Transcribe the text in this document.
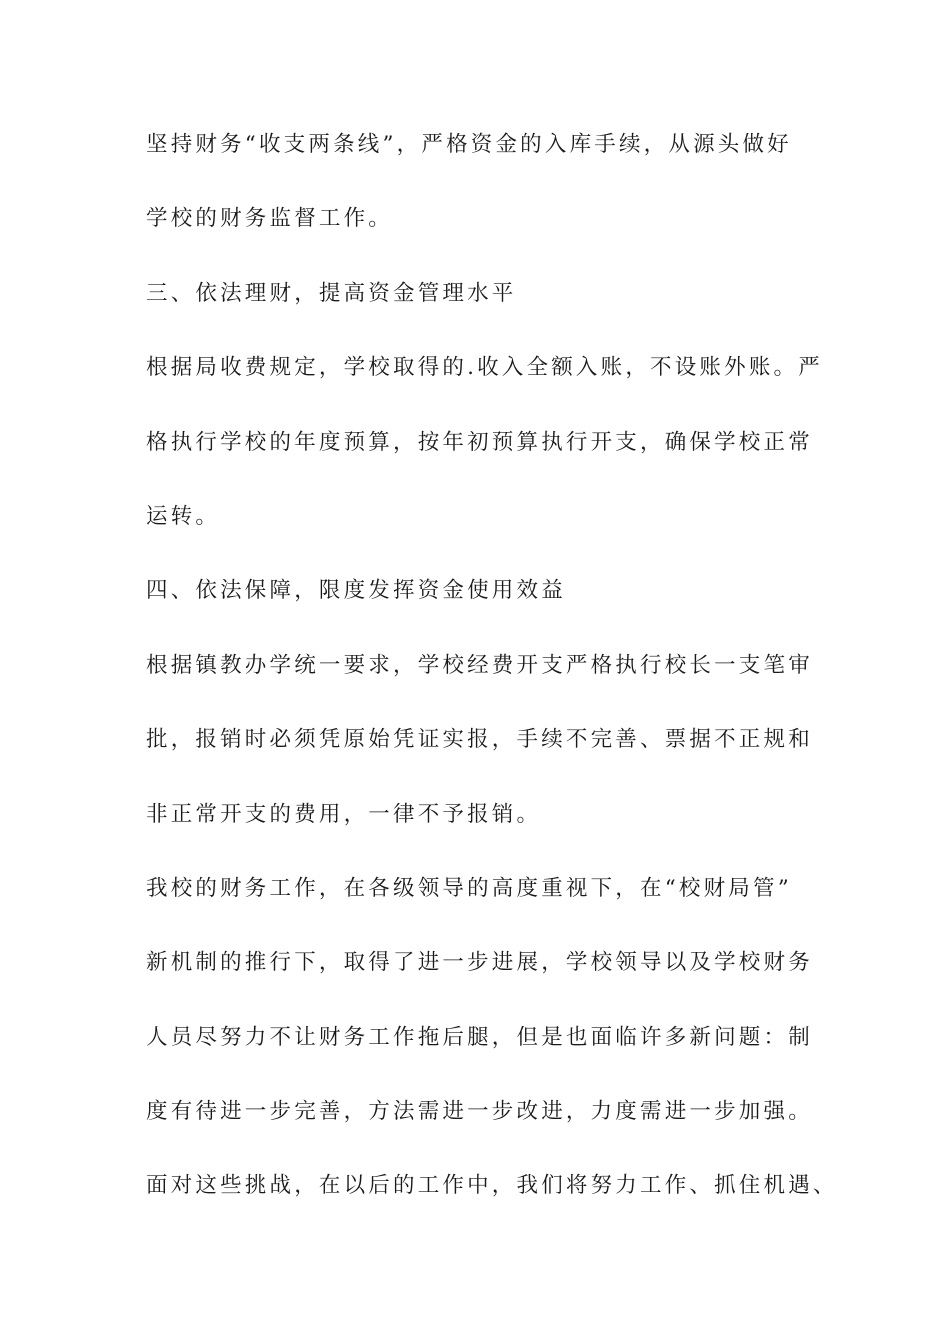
坚持财务“收支两条线”，严格资金的入库手续，从源头做好
学校的财务监督工作。
三、依法理财，提高资金管理水平
根据局收费规定，学校取得的.收入全额入账，不设账外账。严
格执行学校的年度预算，按年初预算执行开支，确保学校正常
运转。
四、依法保障，限度发挥资金使用效益
根据镇教办学统一要求，学校经费开支严格执行校长一支笔审
批，报销时必须凭原始凭证实报，手续不完善、票据不正规和
非正常开支的费用，一律不予报销。
我校的财务工作，在各级领导的高度重视下，在“校财局管”
新机制的推行下，取得了进一步进展，学校领导以及学校财务
人员尽努力不让财务工作拖后腿，但是也面临许多新问题：制
度有待进一步完善，方法需进一步改进，力度需进一步加强。
面对这些挑战，在以后的工作中，我们将努力工作、抓住机遇、
